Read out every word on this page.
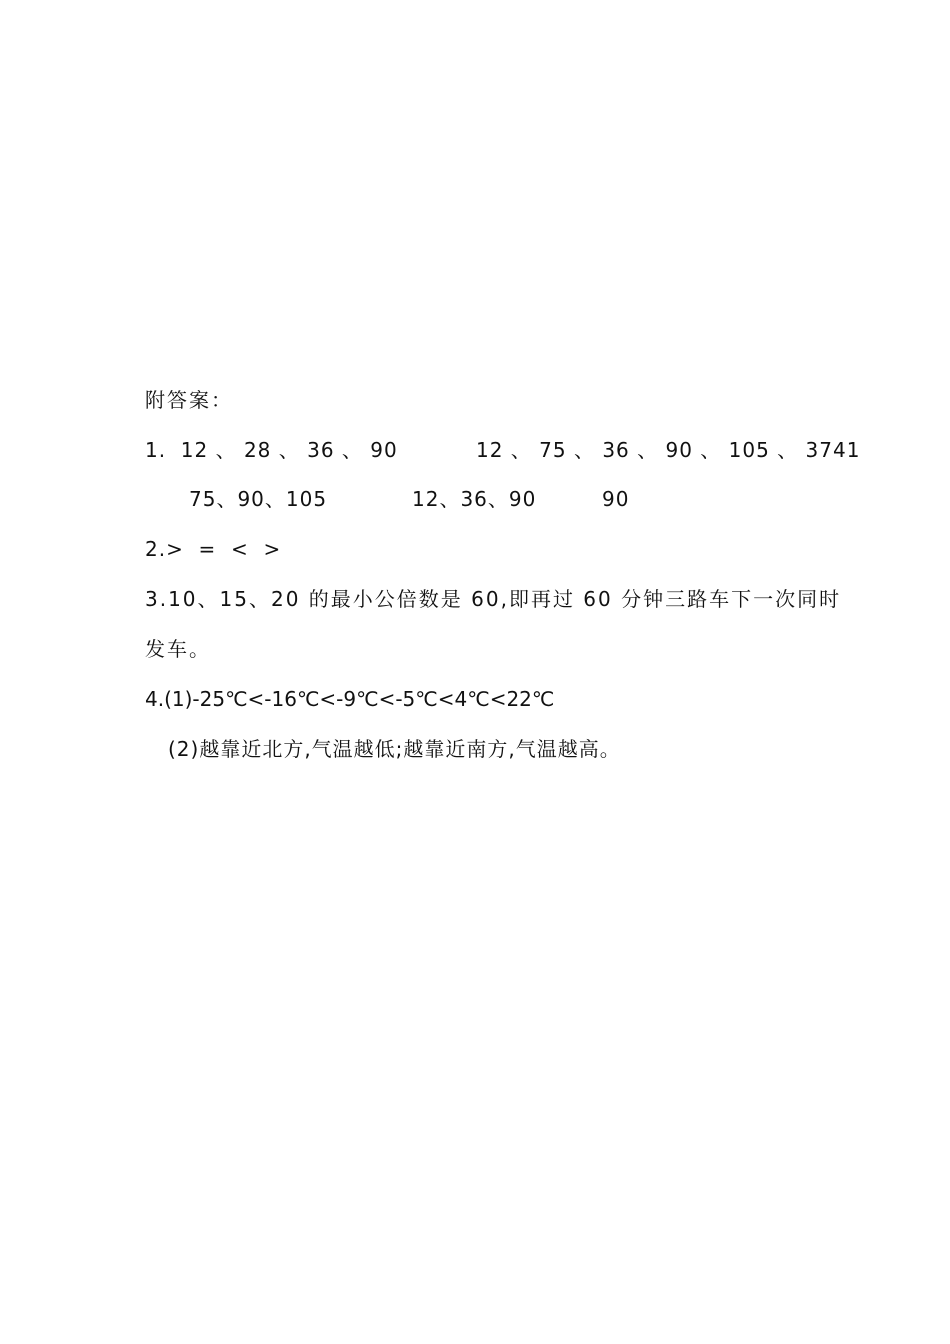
附答案：
1.  12 、 28 、 36 、 90	12 、 75 、 36 、 90 、 105 、 3741
75、90、105	12、36、90	90
2.>  =  <  >
3.10、15、20 的最小公倍数是 60,即再过 60 分钟三路车下一次同时
发车。
4.(1)-25℃<-16℃<-9℃<-5℃<4℃<22℃
(2)越靠近北方,气温越低;越靠近南方,气温越高。
